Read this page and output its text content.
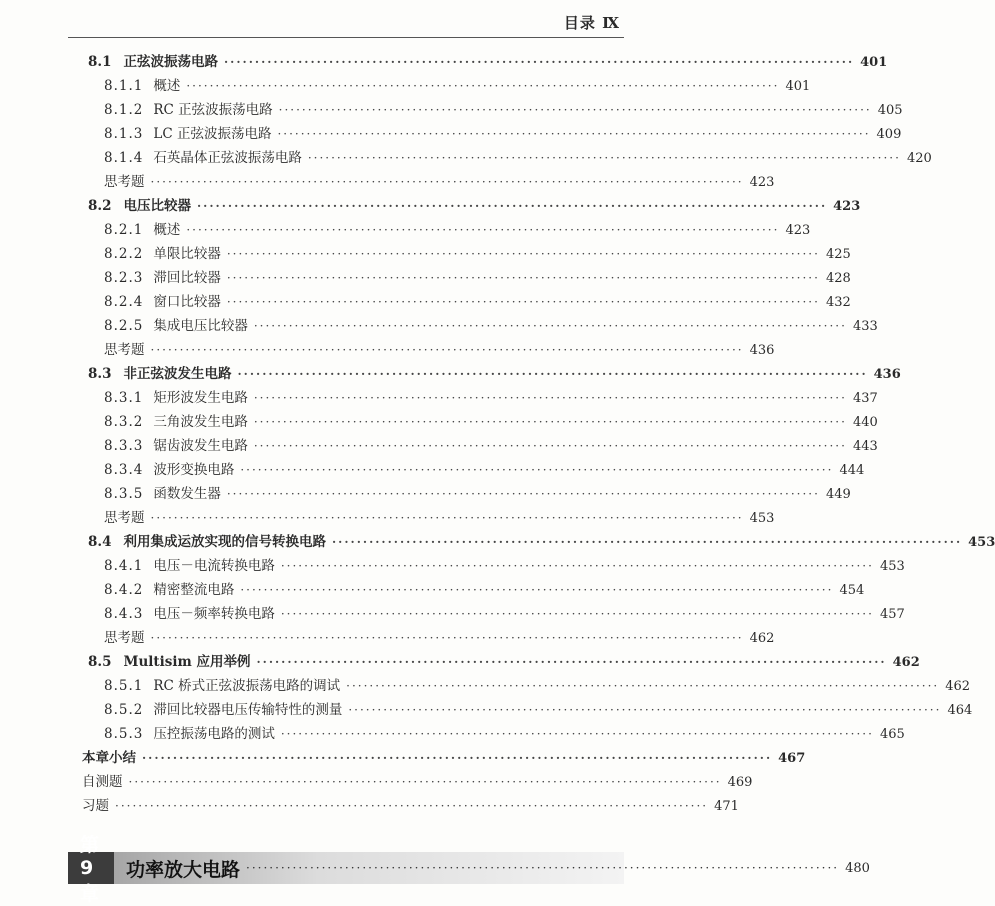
目录 Ⅸ
8.1 正弦波振荡电路 ······································································································ 401
8.1.1 概述 ······································································································ 401
8.1.2 RC 正弦波振荡电路 ······································································································ 405
8.1.3 LC 正弦波振荡电路 ······································································································ 409
8.1.4 石英晶体正弦波振荡电路 ······································································································ 420
思考题 ······································································································ 423
8.2 电压比较器 ······································································································ 423
8.2.1 概述 ······································································································ 423
8.2.2 单限比较器 ······································································································ 425
8.2.3 滞回比较器 ······································································································ 428
8.2.4 窗口比较器 ······································································································ 432
8.2.5 集成电压比较器 ······································································································ 433
思考题 ······································································································ 436
8.3 非正弦波发生电路 ······································································································ 436
8.3.1 矩形波发生电路 ······································································································ 437
8.3.2 三角波发生电路 ······································································································ 440
8.3.3 锯齿波发生电路 ······································································································ 443
8.3.4 波形变换电路 ······································································································ 444
8.3.5 函数发生器 ······································································································ 449
思考题 ······································································································ 453
8.4 利用集成运放实现的信号转换电路 ······································································································ 453
8.4.1 电压－电流转换电路 ······································································································ 453
8.4.2 精密整流电路 ······································································································ 454
8.4.3 电压－频率转换电路 ······································································································ 457
思考题 ······································································································ 462
8.5 Multisim 应用举例 ······································································································ 462
8.5.1 RC 桥式正弦波振荡电路的调试 ······································································································ 462
8.5.2 滞回比较器电压传输特性的测量 ······································································································ 464
8.5.3 压控振荡电路的测试 ······································································································ 465
本章小结 ······································································································ 467
自测题 ······································································································ 469
习题 ······································································································ 471
第 9 章
功率放大电路 ······································································································ 480
